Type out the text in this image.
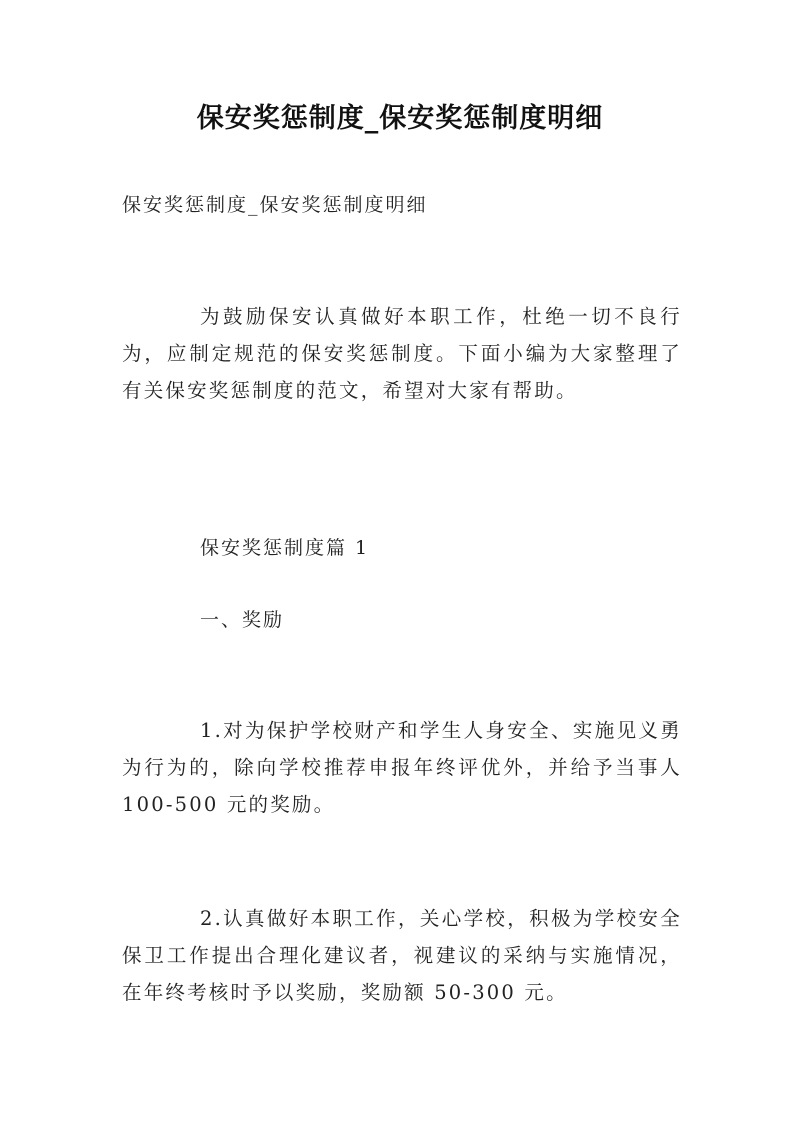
保安奖惩制度_保安奖惩制度明细
保安奖惩制度_保安奖惩制度明细
为鼓励保安认真做好本职工作，杜绝一切不良行为，应制定规范的保安奖惩制度。下面小编为大家整理了有关保安奖惩制度的范文，希望对大家有帮助。
保安奖惩制度篇 1
一、奖励
1.对为保护学校财产和学生人身安全、实施见义勇为行为的，除向学校推荐申报年终评优外，并给予当事人100-500 元的奖励。
2.认真做好本职工作，关心学校，积极为学校安全保卫工作提出合理化建议者，视建议的采纳与实施情况，在年终考核时予以奖励，奖励额 50-300 元。
